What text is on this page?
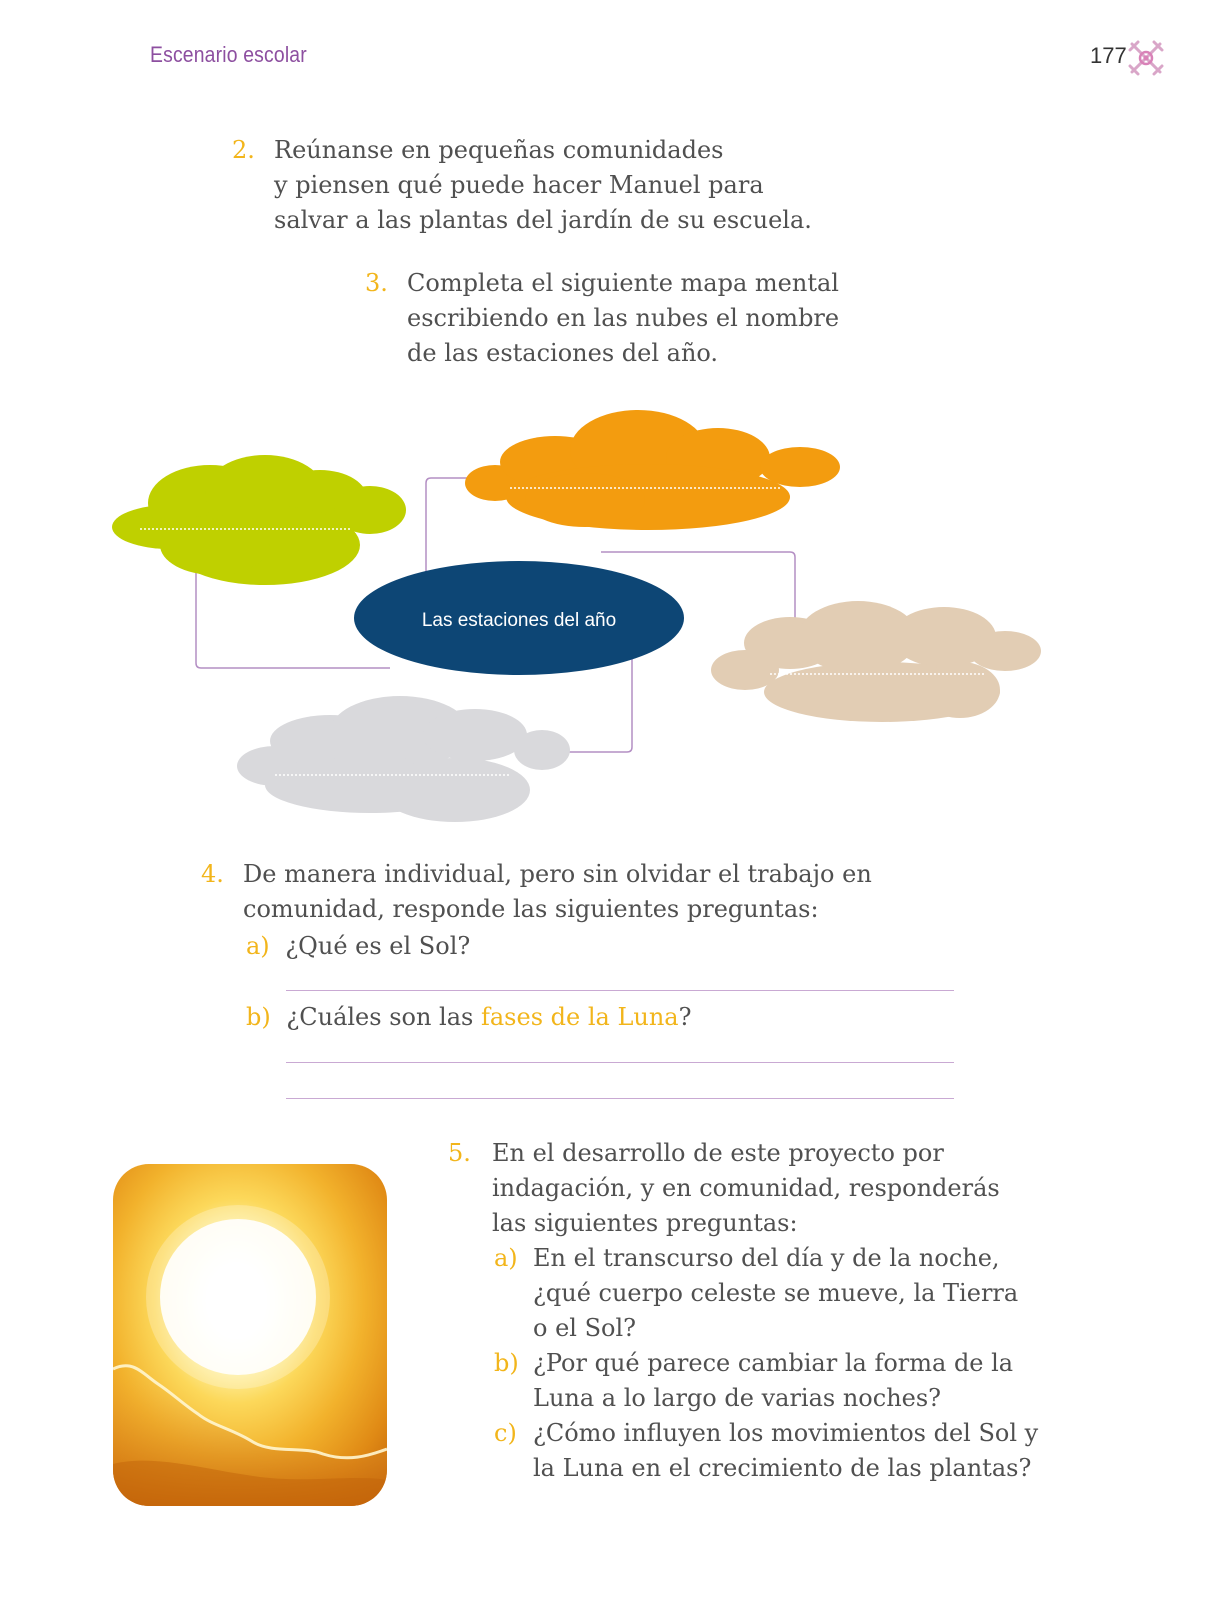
Escenario escolar	177
2. Reúnanse en pequeñas comunidades
y piensen qué puede hacer Manuel para
salvar a las plantas del jardín de su escuela.
3. Completa el siguiente mapa mental
escribiendo en las nubes el nombre
de las estaciones del año.
Las estaciones del año
4. De manera individual, pero sin olvidar el trabajo en
comunidad, responde las siguientes preguntas:
a) ¿Qué es el Sol?
b) ¿Cuáles son las fases de la Luna?
5. En el desarrollo de este proyecto por
indagación, y en comunidad, responderás
las siguientes preguntas:
a) En el transcurso del día y de la noche,
¿qué cuerpo celeste se mueve, la Tierra
o el Sol?
b) ¿Por qué parece cambiar la forma de la
Luna a lo largo de varias noches?
c) ¿Cómo influyen los movimientos del Sol y
la Luna en el crecimiento de las plantas?
